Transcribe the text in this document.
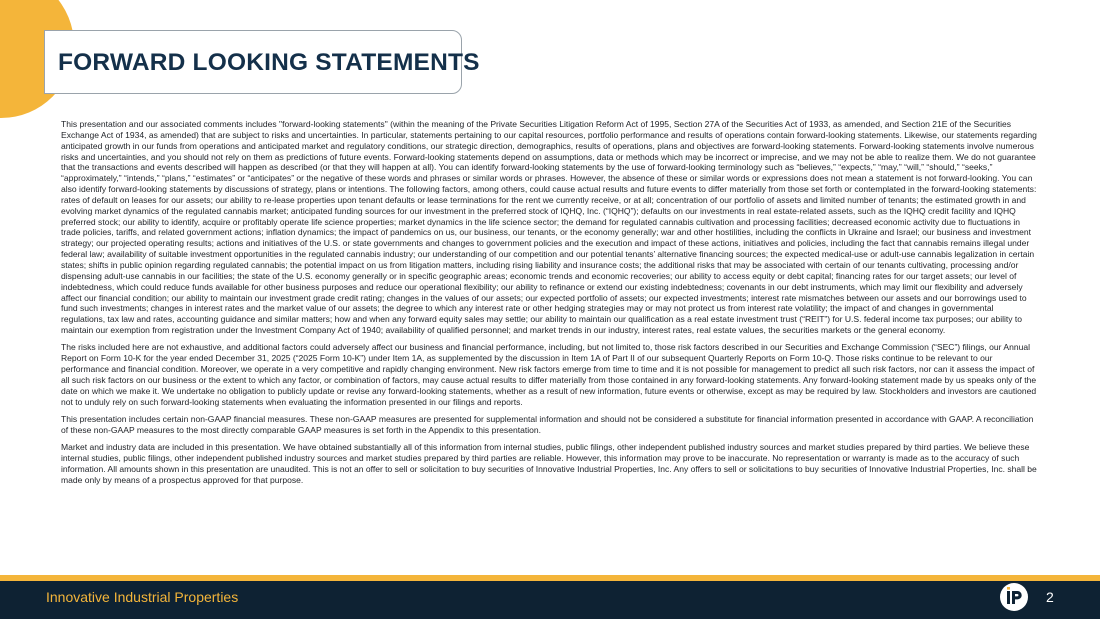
FORWARD LOOKING STATEMENTS

This presentation and our associated comments includes "forward-looking statements" (within the meaning of the Private Securities Litigation Reform Act of 1995, Section 27A of the Securities Act of 1933, as amended, and Section 21E of the Securities Exchange Act of 1934, as amended) that are subject to risks and uncertainties. In particular, statements pertaining to our capital resources, portfolio performance and results of operations contain forward-looking statements. Likewise, our statements regarding anticipated growth in our funds from operations and anticipated market and regulatory conditions, our strategic direction, demographics, results of operations, plans and objectives are forward-looking statements. Forward-looking statements involve numerous risks and uncertainties, and you should not rely on them as predictions of future events. Forward-looking statements depend on assumptions, data or methods which may be incorrect or imprecise, and we may not be able to realize them. We do not guarantee that the transactions and events described will happen as described (or that they will happen at all). You can identify forward-looking statements by the use of forward-looking terminology such as “believes,” “expects,” “may,” “will,” “should,” “seeks,” “approximately,” “intends,” “plans,” “estimates” or “anticipates” or the negative of these words and phrases or similar words or phrases. However, the absence of these or similar words or expressions does not mean a statement is not forward-looking. You can also identify forward-looking statements by discussions of strategy, plans or intentions. The following factors, among others, could cause actual results and future events to differ materially from those set forth or contemplated in the forward-looking statements: rates of default on leases for our assets; our ability to re-lease properties upon tenant defaults or lease terminations for the rent we currently receive, or at all; concentration of our portfolio of assets and limited number of tenants; the estimated growth in and evolving market dynamics of the regulated cannabis market; anticipated funding sources for our investment in the preferred stock of IQHQ, Inc. (“IQHQ”); defaults on our investments in real estate-related assets, such as the IQHQ credit facility and IQHQ preferred stock; our ability to identify, acquire or profitably operate life science properties; market dynamics in the life science sector; the demand for regulated cannabis cultivation and processing facilities; decreased economic activity due to fluctuations in trade policies, tariffs, and related government actions; inflation dynamics; the impact of pandemics on us, our business, our tenants, or the economy generally; war and other hostilities, including the conflicts in Ukraine and Israel; our business and investment strategy; our projected operating results; actions and initiatives of the U.S. or state governments and changes to government policies and the execution and impact of these actions, initiatives and policies, including the fact that cannabis remains illegal under federal law; availability of suitable investment opportunities in the regulated cannabis industry; our understanding of our competition and our potential tenants’ alternative financing sources; the expected medical-use or adult-use cannabis legalization in certain states; shifts in public opinion regarding regulated cannabis; the potential impact on us from litigation matters, including rising liability and insurance costs; the additional risks that may be associated with certain of our tenants cultivating, processing and/or dispensing adult-use cannabis in our facilities; the state of the U.S. economy generally or in specific geographic areas; economic trends and economic recoveries; our ability to access equity or debt capital; financing rates for our target assets; our level of indebtedness, which could reduce funds available for other business purposes and reduce our operational flexibility; our ability to refinance or extend our existing indebtedness; covenants in our debt instruments, which may limit our flexibility and adversely affect our financial condition; our ability to maintain our investment grade credit rating; changes in the values of our assets; our expected portfolio of assets; our expected investments; interest rate mismatches between our assets and our borrowings used to fund such investments; changes in interest rates and the market value of our assets; the degree to which any interest rate or other hedging strategies may or may not protect us from interest rate volatility; the impact of and changes in governmental regulations, tax law and rates, accounting guidance and similar matters; how and when any forward equity sales may settle; our ability to maintain our qualification as a real estate investment trust (“REIT”) for U.S. federal income tax purposes; our ability to maintain our exemption from registration under the Investment Company Act of 1940; availability of qualified personnel; and market trends in our industry, interest rates, real estate values, the securities markets or the general economy.

The risks included here are not exhaustive, and additional factors could adversely affect our business and financial performance, including, but not limited to, those risk factors described in our Securities and Exchange Commission (“SEC”) filings, our Annual Report on Form 10-K for the year ended December 31, 2025 (“2025 Form 10-K”) under Item 1A, as supplemented by the discussion in Item 1A of Part II of our subsequent Quarterly Reports on Form 10-Q. Those risks continue to be relevant to our performance and financial condition. Moreover, we operate in a very competitive and rapidly changing environment. New risk factors emerge from time to time and it is not possible for management to predict all such risk factors, nor can it assess the impact of all such risk factors on our business or the extent to which any factor, or combination of factors, may cause actual results to differ materially from those contained in any forward-looking statements. Any forward-looking statement made by us speaks only of the date on which we make it. We undertake no obligation to publicly update or revise any forward-looking statements, whether as a result of new information, future events or otherwise, except as may be required by law. Stockholders and investors are cautioned not to unduly rely on such forward-looking statements when evaluating the information presented in our filings and reports.

This presentation includes certain non-GAAP financial measures. These non-GAAP measures are presented for supplemental information and should not be considered a substitute for financial information presented in accordance with GAAP. A reconciliation of these non-GAAP measures to the most directly comparable GAAP measures is set forth in the Appendix to this presentation.

Market and industry data are included in this presentation. We have obtained substantially all of this information from internal studies, public filings, other independent published industry sources and market studies prepared by third parties. We believe these internal studies, public filings, other independent published industry sources and market studies prepared by third parties are reliable. However, this information may prove to be inaccurate. No representation or warranty is made as to the accuracy of such information. All amounts shown in this presentation are unaudited. This is not an offer to sell or solicitation to buy securities of Innovative Industrial Properties, Inc. Any offers to sell or solicitations to buy securities of Innovative Industrial Properties, Inc. shall be made only by means of a prospectus approved for that purpose.

Innovative Industrial Properties	2
